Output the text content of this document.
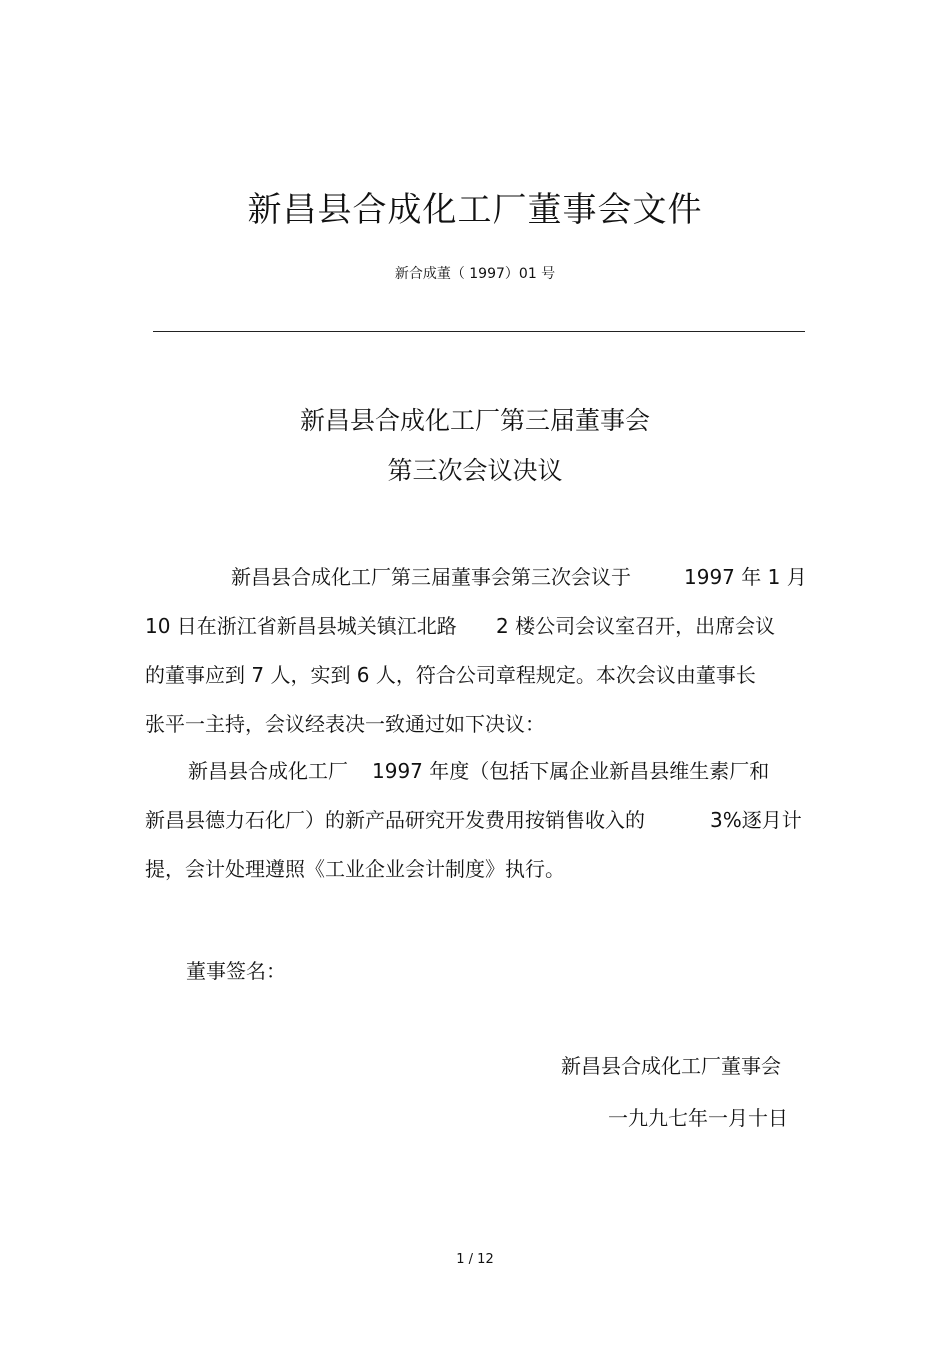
新昌县合成化工厂董事会文件
新合成董（ 1997）01 号
新昌县合成化工厂第三届董事会
第三次会议决议
新昌县合成化工厂第三届董事会第三次会议于	1997 年 1 月
10 日在浙江省新昌县城关镇江北路 2 楼公司会议室召开，出席会议
的董事应到 7 人，实到 6 人，符合公司章程规定。本次会议由董事长
张平一主持，会议经表决一致通过如下决议：
新昌县合成化工厂 1997 年度（包括下属企业新昌县维生素厂和
新昌县德力石化厂）的新产品研究开发费用按销售收入的	3%逐月计
提，会计处理遵照《工业企业会计制度》执行。
董事签名：
新昌县合成化工厂董事会
一九九七年一月十日
1 / 12
